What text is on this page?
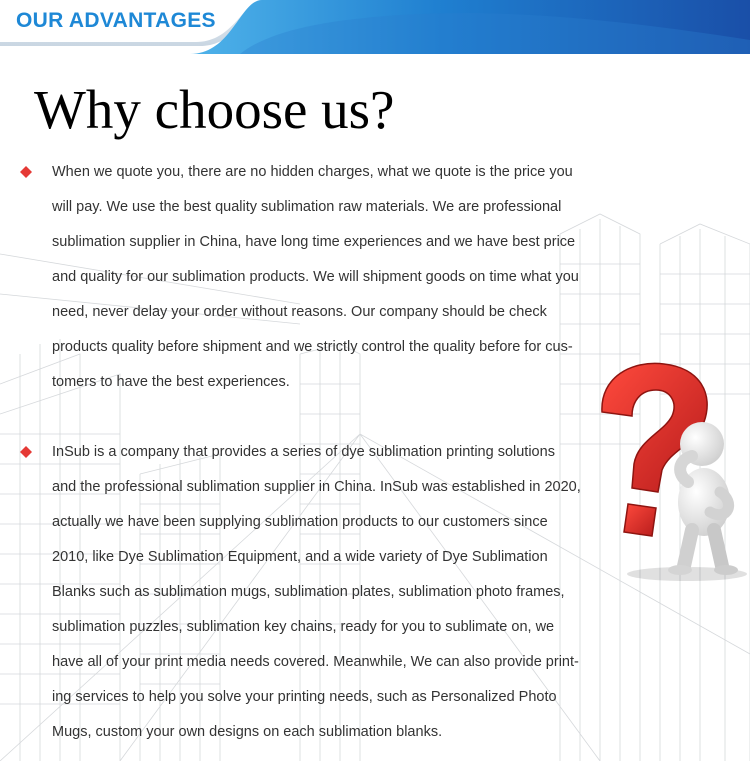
OUR ADVANTAGES
Why choose us?

When we quote you, there are no hidden charges, what we quote is the price you
will pay. We use the best quality sublimation raw materials. We are professional
sublimation supplier in China, have long time experiences and we have best price
and quality for our sublimation products. We will shipment goods on time what you
need, never delay your order without reasons. Our company should be check
products quality before shipment and we strictly control the quality before for cus-
tomers to have the best experiences.

InSub is a company that provides a series of dye sublimation printing solutions
and the professional sublimation supplier in China. InSub was established in 2020,
actually we have been supplying sublimation products to our customers since
2010, like Dye Sublimation Equipment, and a wide variety of Dye Sublimation
Blanks such as sublimation mugs, sublimation plates, sublimation photo frames,
sublimation puzzles, sublimation key chains, ready for you to sublimate on, we
have all of your print media needs covered. Meanwhile, We can also provide print-
ing services to help you solve your printing needs, such as Personalized Photo
Mugs, custom your own designs on each sublimation blanks.
